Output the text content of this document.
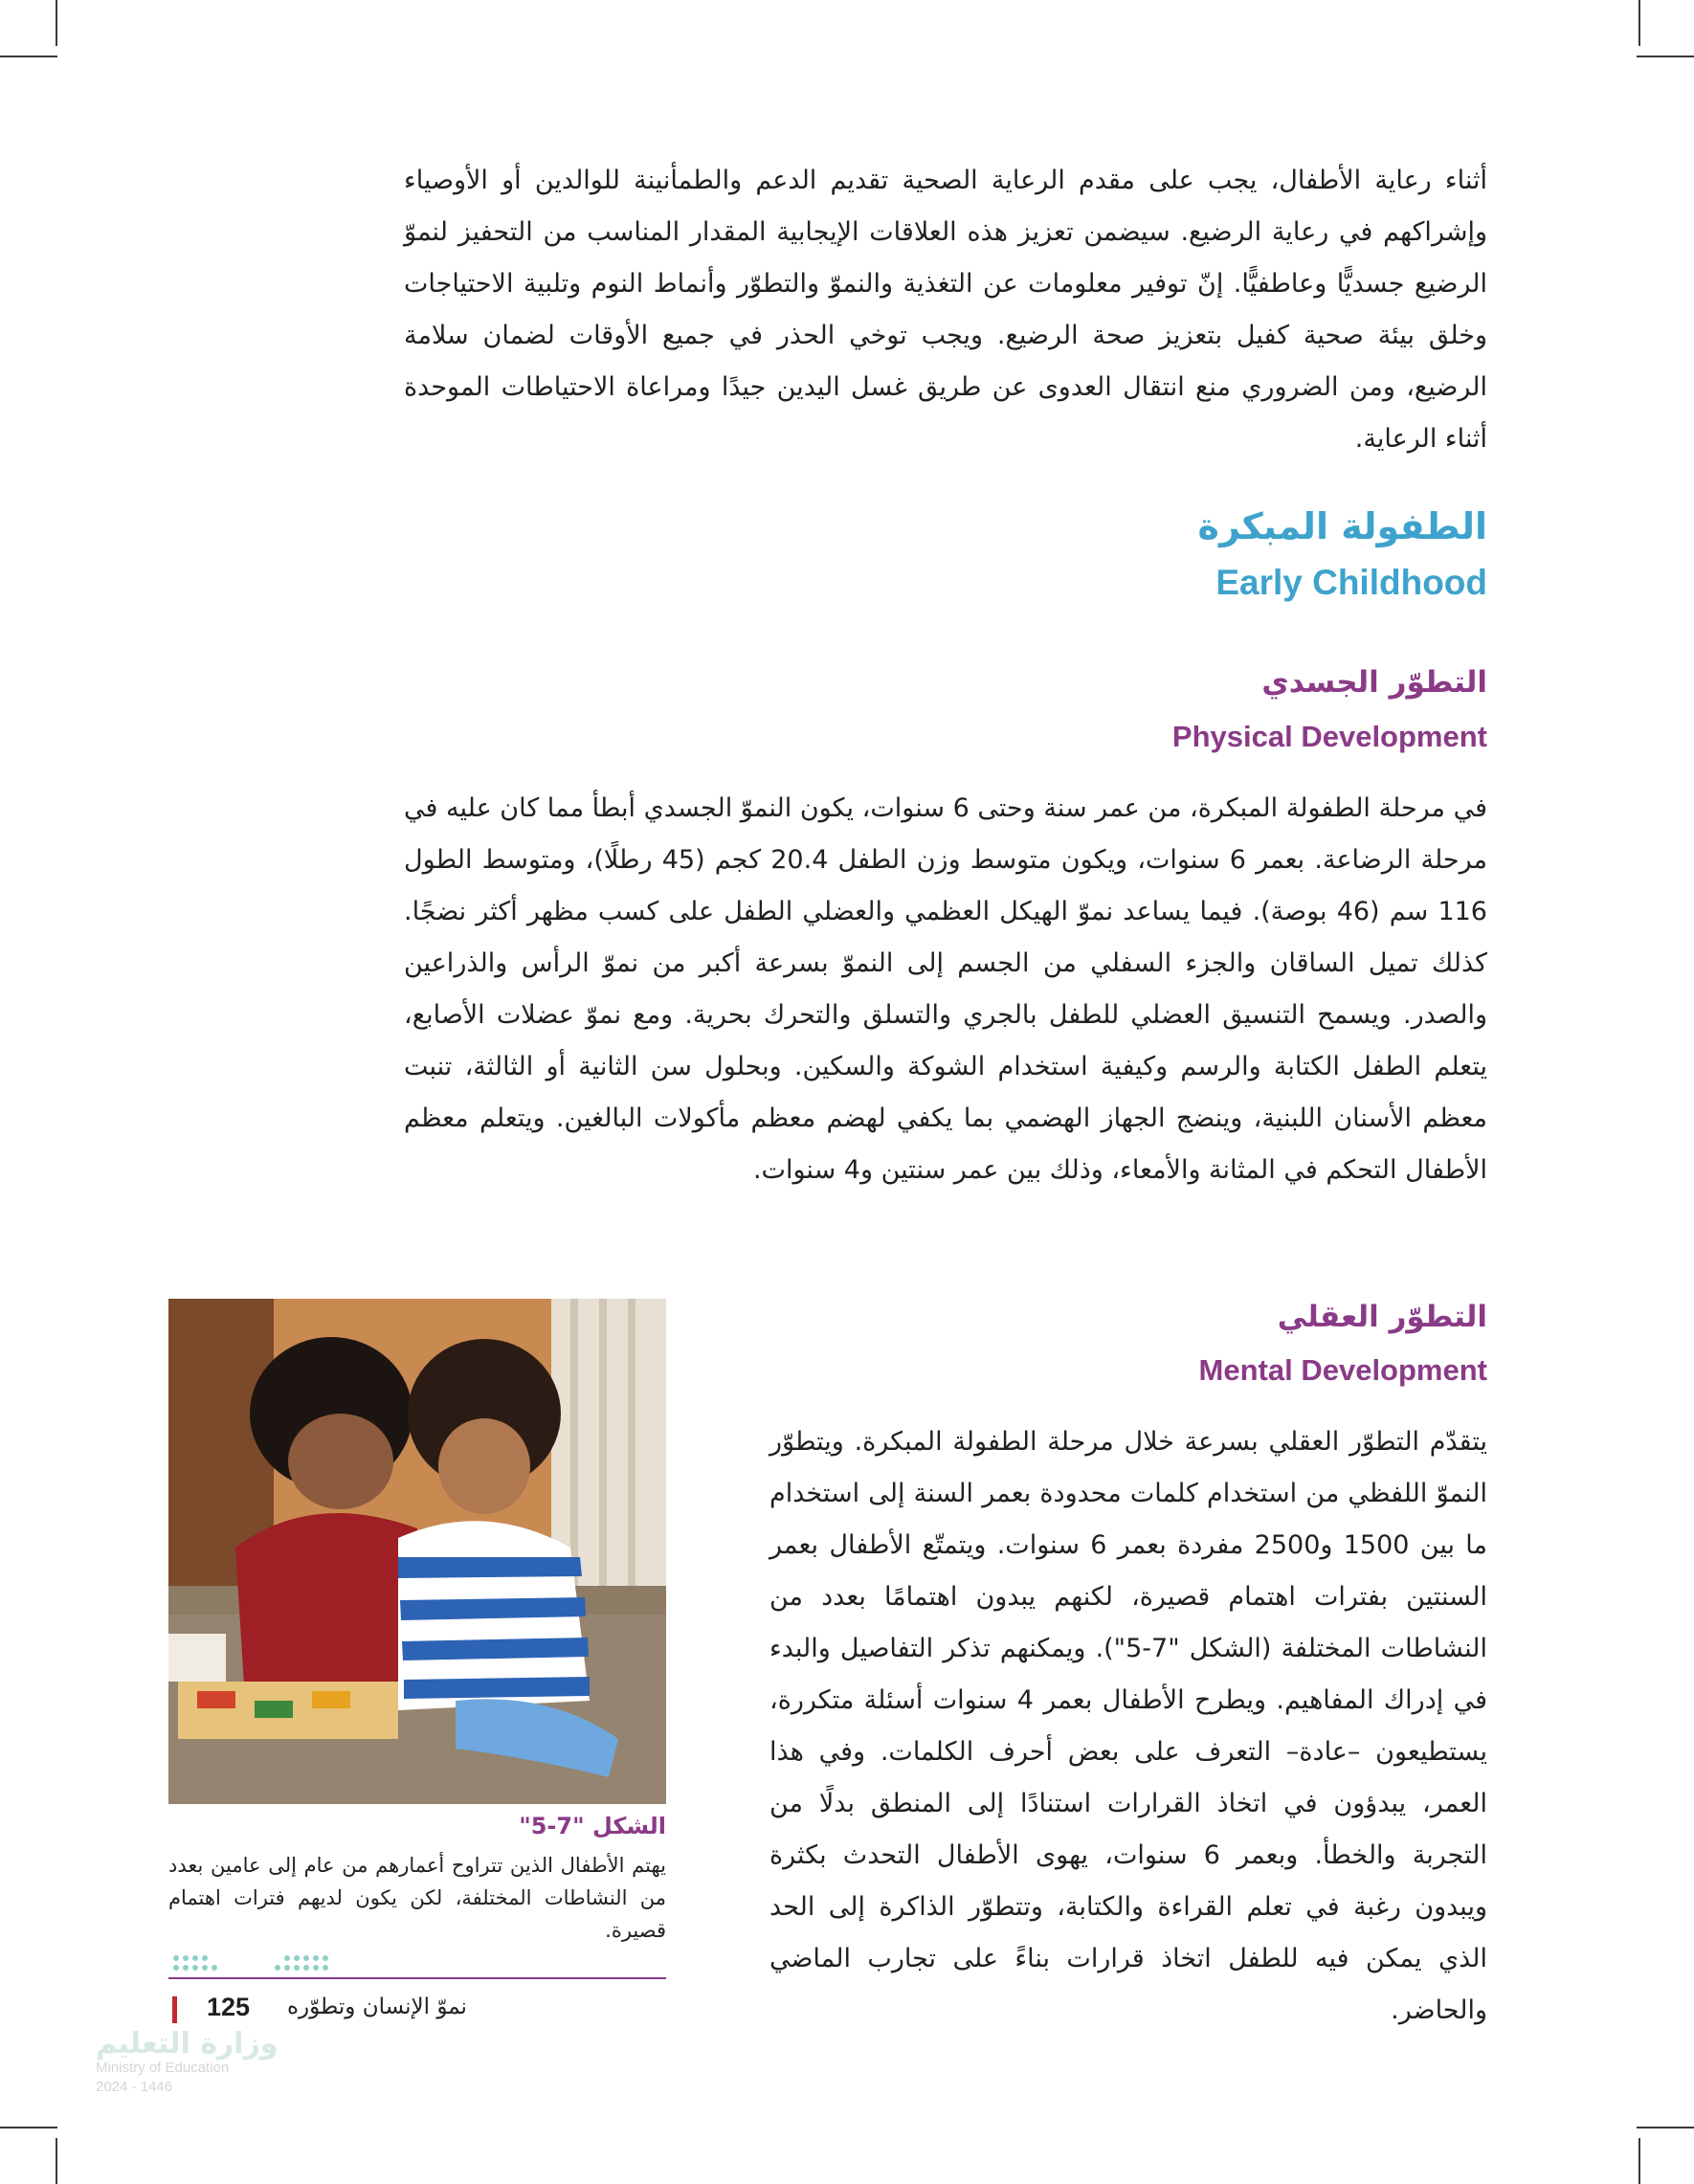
أثناء رعاية الأطفال، يجب على مقدم الرعاية الصحية تقديم الدعم والطمأنينة للوالدين أو الأوصياء وإشراكهم في رعاية الرضيع. سيضمن تعزيز هذه العلاقات الإيجابية المقدار المناسب من التحفيز لنموّ الرضيع جسديًّا وعاطفيًّا. إنّ توفير معلومات عن التغذية والنموّ والتطوّر وأنماط النوم وتلبية الاحتياجات وخلق بيئة صحية كفيل بتعزيز صحة الرضيع. ويجب توخي الحذر في جميع الأوقات لضمان سلامة الرضيع، ومن الضروري منع انتقال العدوى عن طريق غسل اليدين جيدًا ومراعاة الاحتياطات الموحدة أثناء الرعاية.

الطفولة المبكرة
Early Childhood
التطوّر الجسدي
Physical Development

في مرحلة الطفولة المبكرة، من عمر سنة وحتى 6 سنوات، يكون النموّ الجسدي أبطأ مما كان عليه في مرحلة الرضاعة. بعمر 6 سنوات، ويكون متوسط وزن الطفل 20.4 كجم (45 رطلًا)، ومتوسط الطول 116 سم (46 بوصة). فيما يساعد نموّ الهيكل العظمي والعضلي الطفل على كسب مظهر أكثر نضجًا. كذلك تميل الساقان والجزء السفلي من الجسم إلى النموّ بسرعة أكبر من نموّ الرأس والذراعين والصدر. ويسمح التنسيق العضلي للطفل بالجري والتسلق والتحرك بحرية. ومع نموّ عضلات الأصابع، يتعلم الطفل الكتابة والرسم وكيفية استخدام الشوكة والسكين. وبحلول سن الثانية أو الثالثة، تنبت معظم الأسنان اللبنية، وينضج الجهاز الهضمي بما يكفي لهضم معظم مأكولات البالغين. ويتعلم معظم الأطفال التحكم في المثانة والأمعاء، وذلك بين عمر سنتين و4 سنوات.

التطوّر العقلي
Mental Development

يتقدّم التطوّر العقلي بسرعة خلال مرحلة الطفولة المبكرة. ويتطوّر النموّ اللفظي من استخدام كلمات محدودة بعمر السنة إلى استخدام ما بين 1500 و2500 مفردة بعمر 6 سنوات. ويتمتّع الأطفال بعمر السنتين بفترات اهتمام قصيرة، لكنهم يبدون اهتمامًا بعدد من النشاطات المختلفة (الشكل "7-5"). ويمكنهم تذكر التفاصيل والبدء في إدراك المفاهيم. ويطرح الأطفال بعمر 4 سنوات أسئلة متكررة، يستطيعون –عادة– التعرف على بعض أحرف الكلمات. وفي هذا العمر، يبدؤون في اتخاذ القرارات استنادًا إلى المنطق بدلًا من التجربة والخطأ. وبعمر 6 سنوات، يهوى الأطفال التحدث بكثرة ويبدون رغبة في تعلم القراءة والكتابة، وتتطوّر الذاكرة إلى الحد الذي يمكن فيه للطفل اتخاذ قرارات بناءً على تجارب الماضي والحاضر.

الشكل "7-5"

يهتم الأطفال الذين تتراوح أعمارهم من عام إلى عامين بعدد من النشاطات المختلفة، لكن يكون لديهم فترات اهتمام قصيرة.

125 نموّ الإنسان وتطوّره
وزارة التعليم
Ministry of Education
2024 - 1446
